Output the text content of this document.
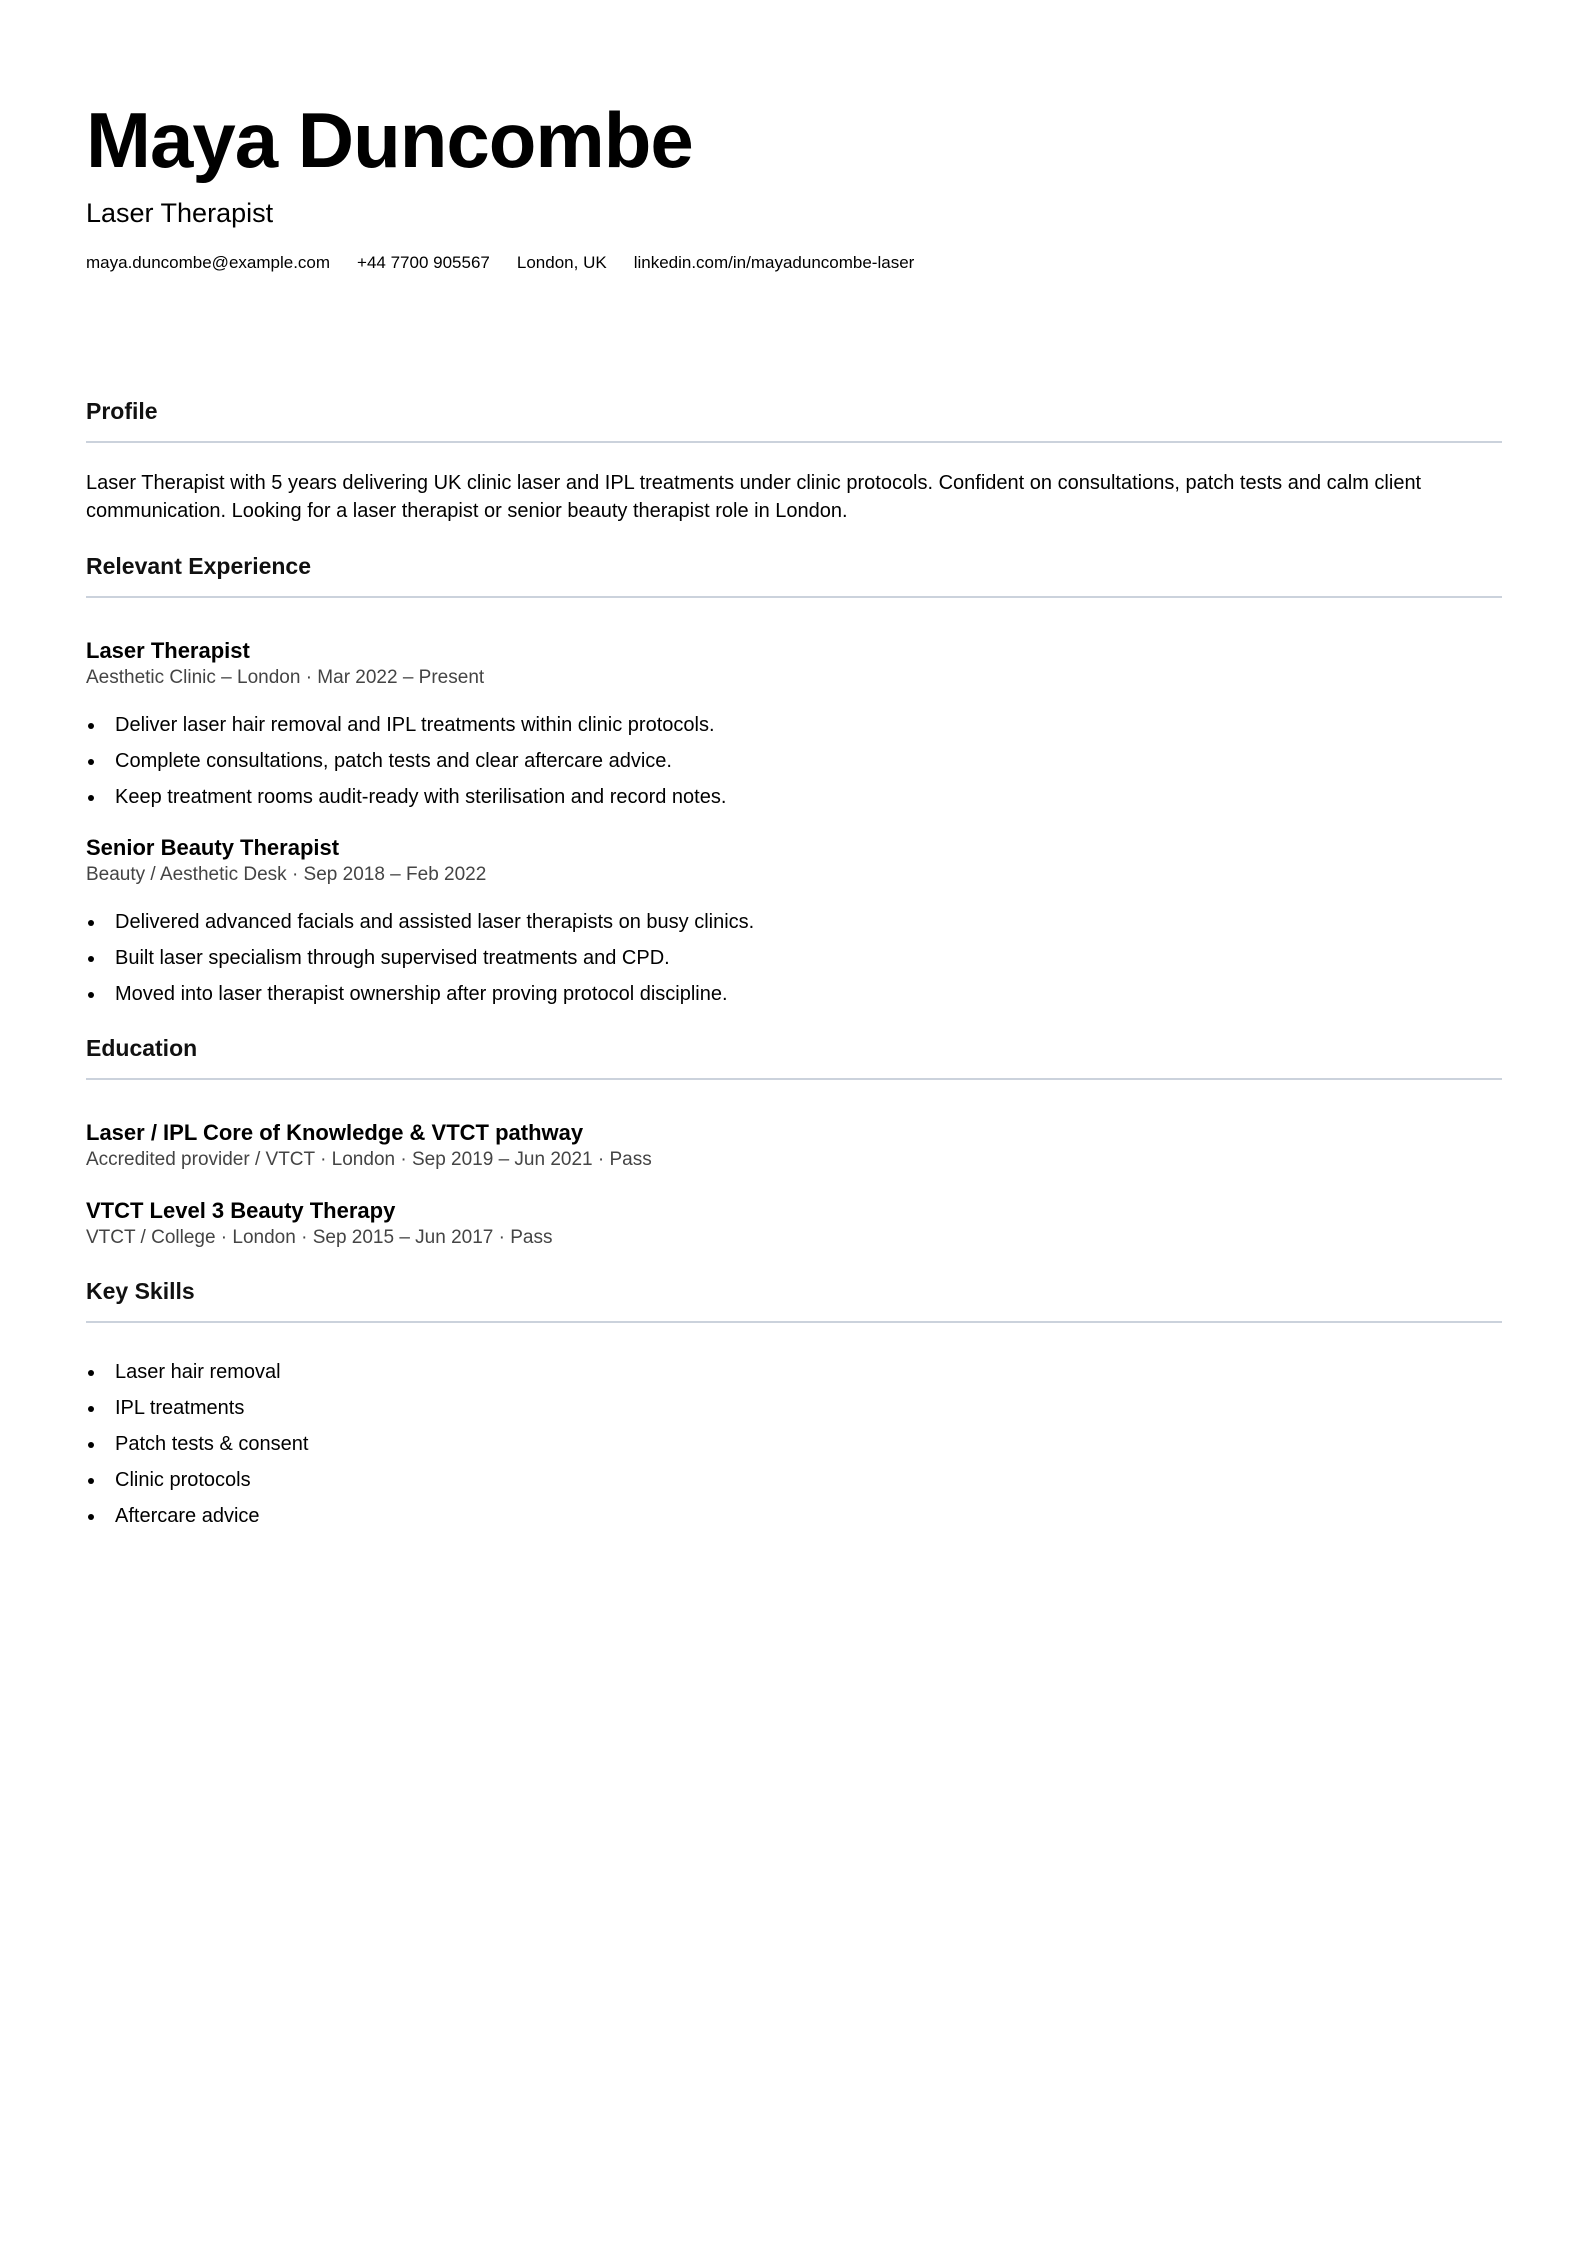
Maya Duncombe
Laser Therapist
maya.duncombe@example.com +44 7700 905567 London, UK linkedin.com/in/mayaduncombe-laser
Profile

Laser Therapist with 5 years delivering UK clinic laser and IPL treatments under clinic protocols. Confident on consultations, patch tests and calm client communication. Looking for a laser therapist or senior beauty therapist role in London.

Relevant Experience
Laser Therapist
Aesthetic Clinic – London · Mar 2022 – Present
Deliver laser hair removal and IPL treatments within clinic protocols.
Complete consultations, patch tests and clear aftercare advice.
Keep treatment rooms audit-ready with sterilisation and record notes.
Senior Beauty Therapist
Beauty / Aesthetic Desk · Sep 2018 – Feb 2022
Delivered advanced facials and assisted laser therapists on busy clinics.
Built laser specialism through supervised treatments and CPD.
Moved into laser therapist ownership after proving protocol discipline.
Education
Laser / IPL Core of Knowledge & VTCT pathway
Accredited provider / VTCT · London · Sep 2019 – Jun 2021 · Pass
VTCT Level 3 Beauty Therapy
VTCT / College · London · Sep 2015 – Jun 2017 · Pass
Key Skills
Laser hair removal
IPL treatments
Patch tests & consent
Clinic protocols
Aftercare advice
